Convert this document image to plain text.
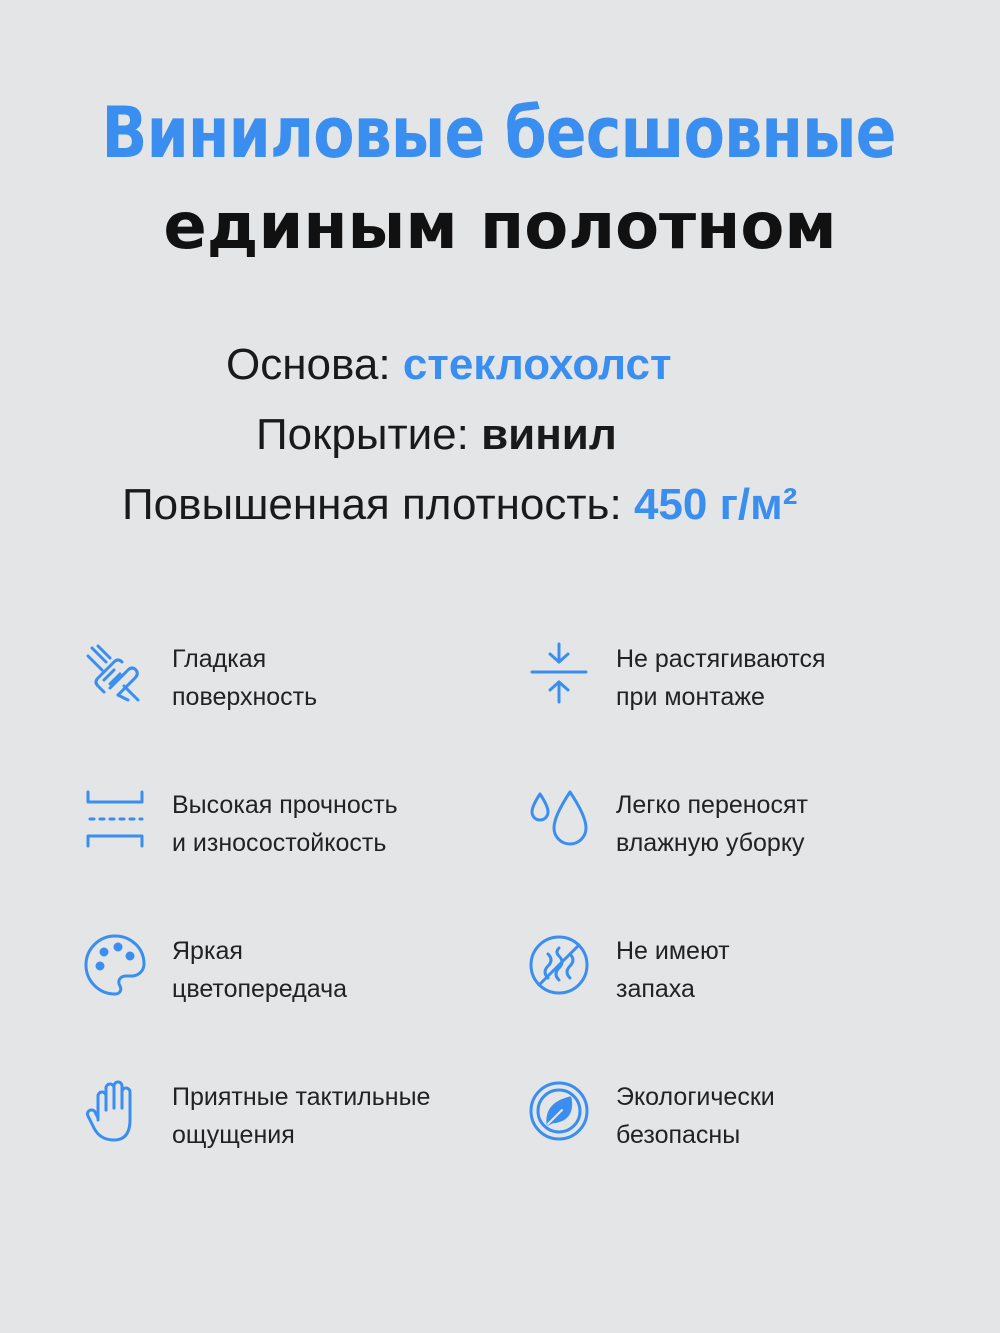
Виниловые бесшовные
единым полотном
Основа: стеклохолст
Покрытие: винил
Повышенная плотность: 450 г/м²
Гладкая
поверхность
Не растягиваются
при монтаже
Высокая прочность
и износостойкость
Легко переносят
влажную уборку
Яркая
цветопередача
Не имеют
запаха
Приятные тактильные
ощущения
Экологически
безопасны
